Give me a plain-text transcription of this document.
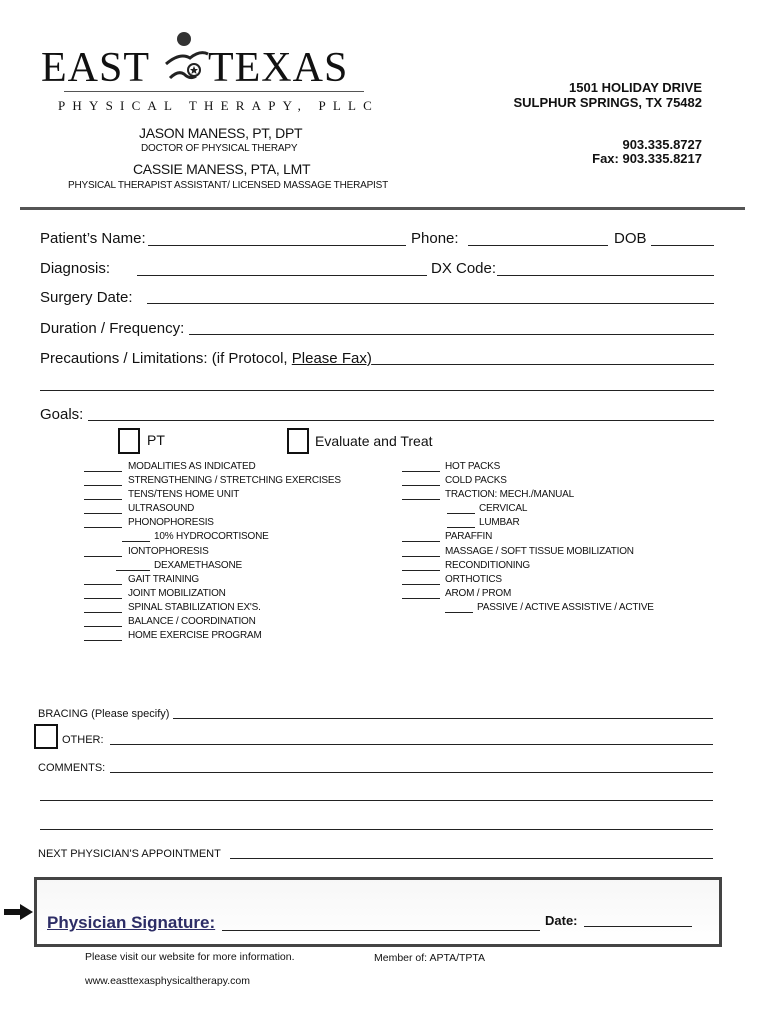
EAST TEXAS
PHYSICAL THERAPY, PLLC
1501 HOLIDAY DRIVE
SULPHUR SPRINGS, TX 75482
903.335.8727
Fax: 903.335.8217
JASON MANESS, PT, DPT
DOCTOR OF PHYSICAL THERAPY
CASSIE MANESS, PTA, LMT
PHYSICAL THERAPIST ASSISTANT/ LICENSED MASSAGE THERAPIST
Patient’s Name:	Phone:	DOB
Diagnosis:	DX Code:
Surgery Date:
Duration / Frequency:
Precautions / Limitations: (if Protocol, Please Fax)
Goals:
PT	Evaluate and Treat
MODALITIES AS INDICATED
STRENGTHENING / STRETCHING EXERCISES
TENS/TENS HOME UNIT
ULTRASOUND
PHONOPHORESIS
10% HYDROCORTISONE
IONTOPHORESIS
DEXAMETHASONE
GAIT TRAINING
JOINT MOBILIZATION
SPINAL STABILIZATION EX'S.
BALANCE / COORDINATION
HOME EXERCISE PROGRAM
HOT PACKS
COLD PACKS
TRACTION: MECH./MANUAL
CERVICAL
LUMBAR
PARAFFIN
MASSAGE / SOFT TISSUE MOBILIZATION
RECONDITIONING
ORTHOTICS
AROM / PROM
PASSIVE / ACTIVE ASSISTIVE / ACTIVE
BRACING (Please specify)
OTHER:
COMMENTS:
NEXT PHYSICIAN'S APPOINTMENT
Physician Signature:	Date:
Please visit our website for more information.	Member of: APTA/TPTA
www.easttexasphysicaltherapy.com
